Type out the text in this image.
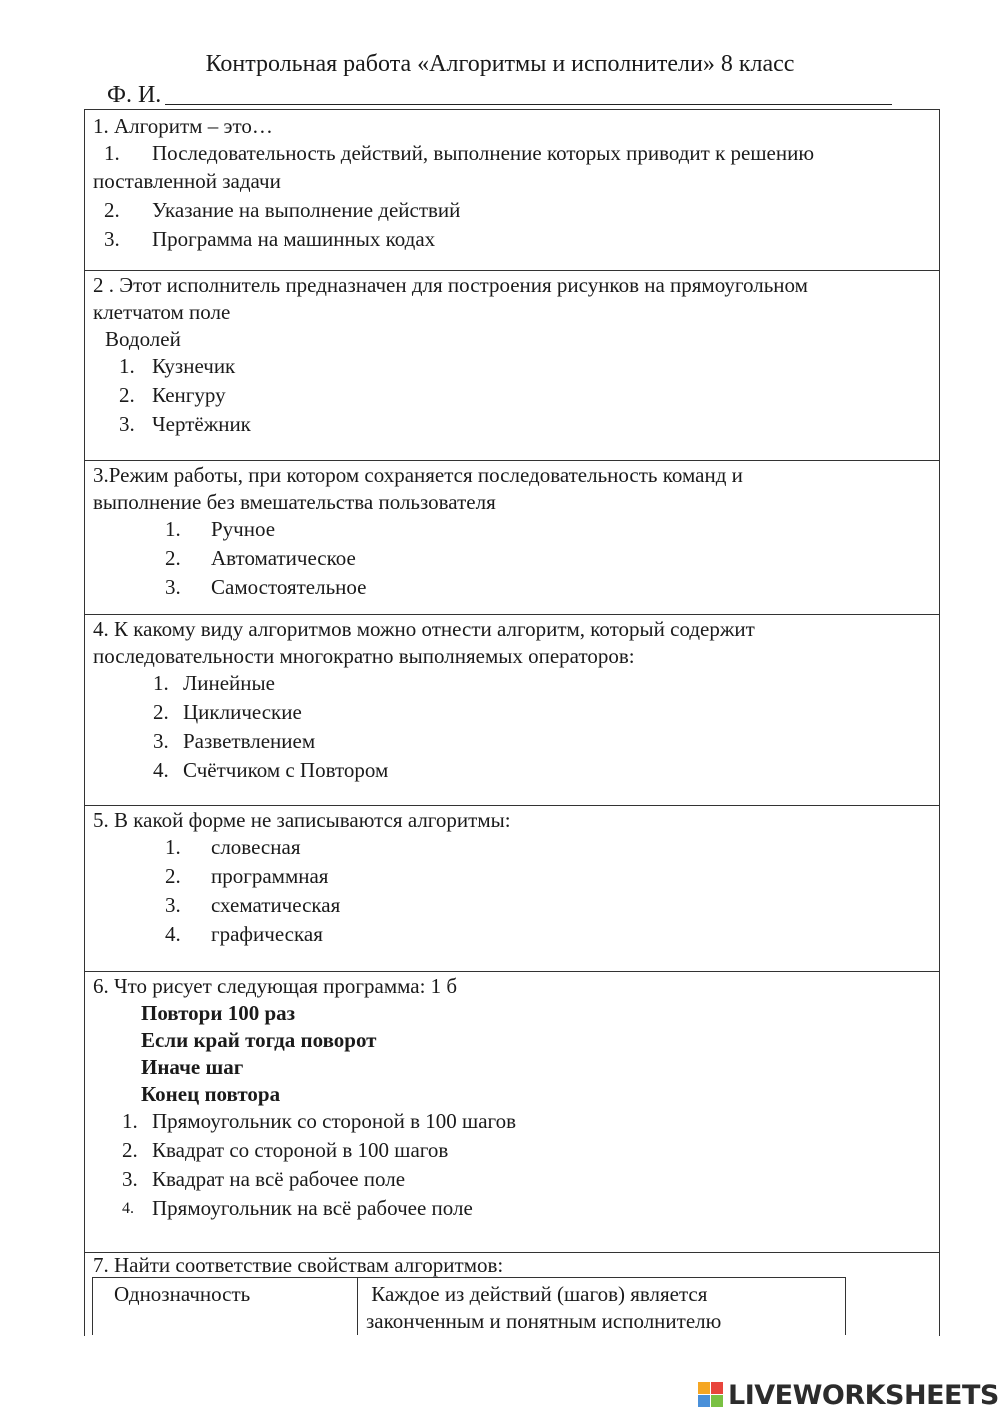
Контрольная работа «Алгоритмы и исполнители» 8 класс
Ф. И.
1. Алгоритм – это…
1. Последовательность действий, выполнение которых приводит к решению
поставленной задачи
2. Указание на выполнение действий
3. Программа на машинных кодах
2 . Этот исполнитель предназначен для построения рисунков на прямоугольном
клетчатом поле
Водолей
1. Кузнечик
2. Кенгуру
3. Чертёжник
3.Режим работы, при котором сохраняется последовательность команд и
выполнение без вмешательства пользователя
1. Ручное
2. Автоматическое
3. Самостоятельное
4. К какому виду алгоритмов можно отнести алгоритм, который содержит
последовательности многократно выполняемых операторов:
1. Линейные
2. Циклические
3. Разветвлением
4. Счётчиком с Повтором
5. В какой форме не записываются алгоритмы:
1. словесная
2. программная
3. схематическая
4. графическая
6. Что рисует следующая программа: 1 б
Повтори 100 раз
Если край тогда поворот
Иначе шаг
Конец повтора
1. Прямоугольник со стороной в 100 шагов
2. Квадрат со стороной в 100 шагов
3. Квадрат на всё рабочее поле
4. Прямоугольник на всё рабочее поле
7. Найти соответствие свойствам алгоритмов:
Однозначность	Каждое из действий (шагов) является
законченным и понятным исполнителю
LIVEWORKSHEETS
